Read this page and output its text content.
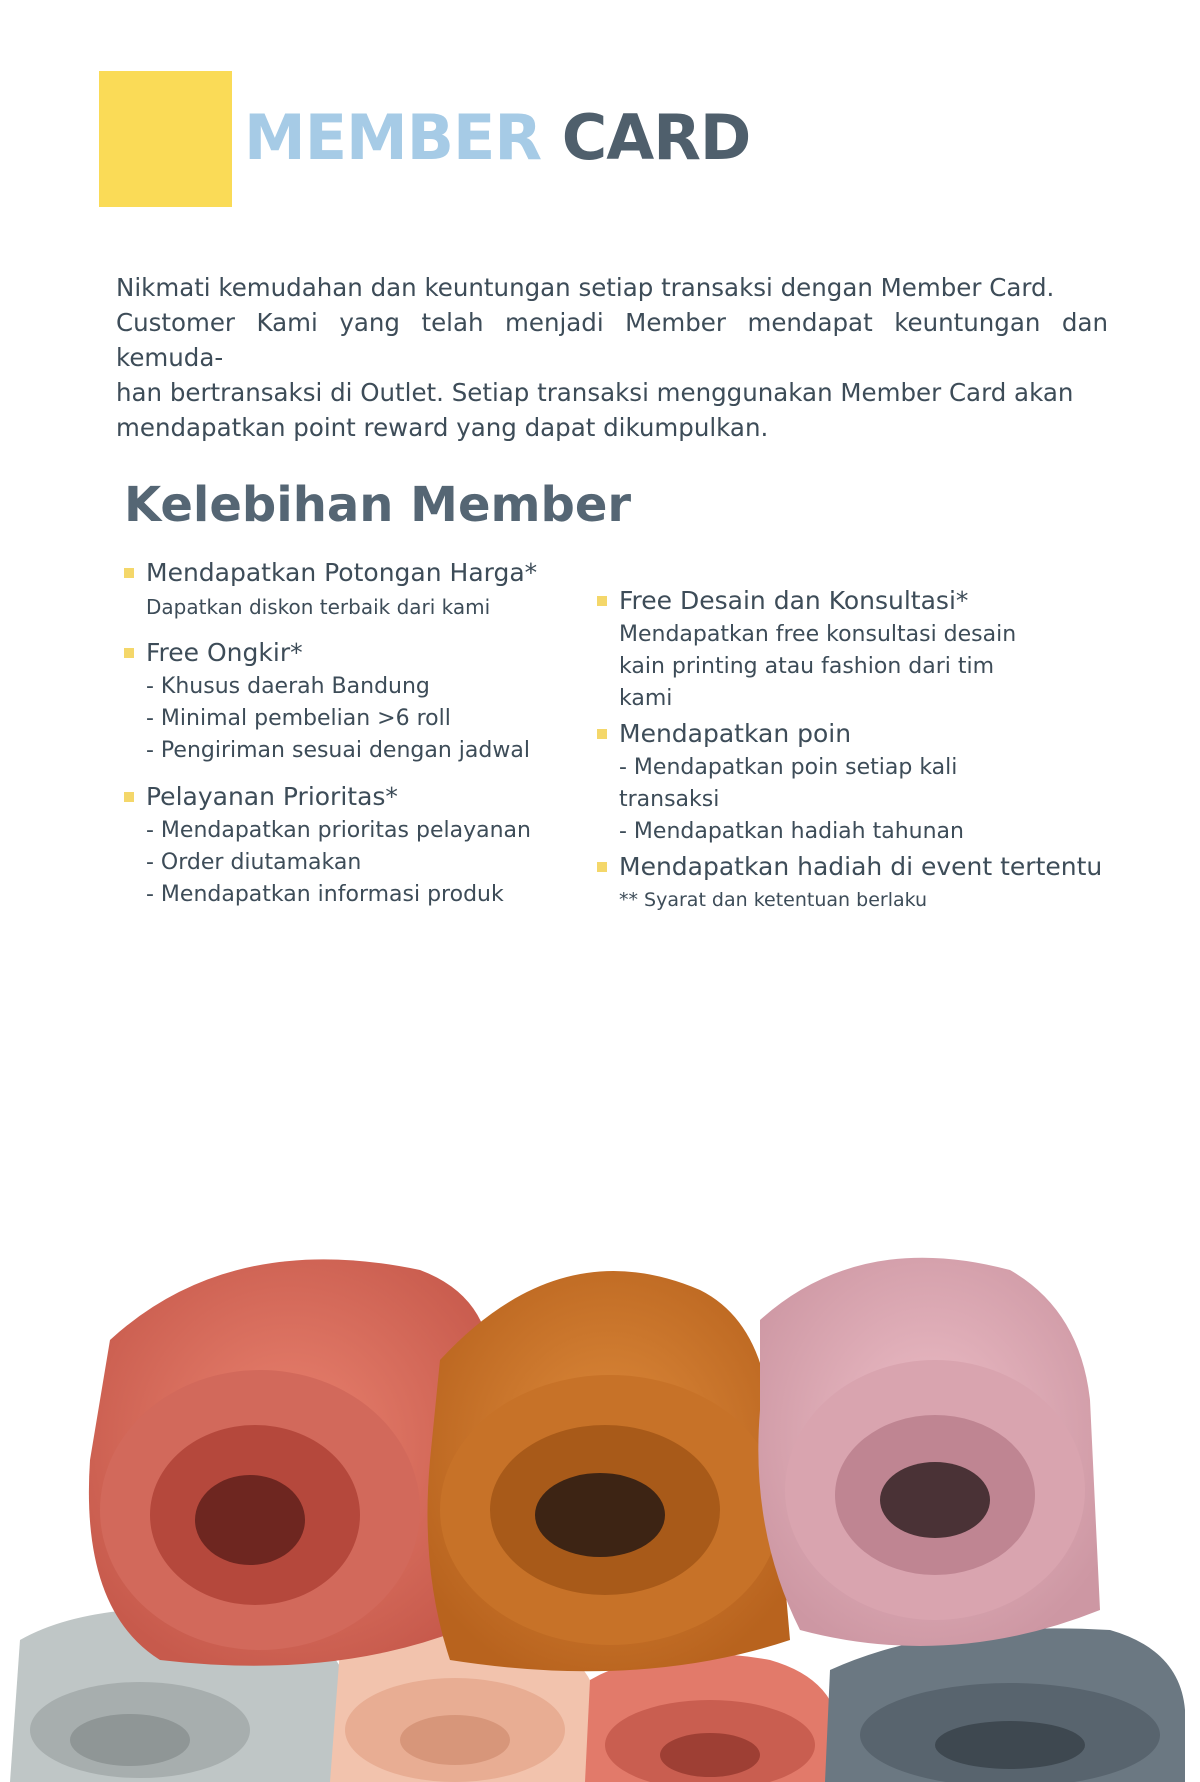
MEMBER CARD

Nikmati kemudahan dan keuntungan setiap transaksi dengan Member Card.
Customer Kami yang telah menjadi Member mendapat keuntungan dan kemuda-
han bertransaksi di Outlet. Setiap transaksi menggunakan Member Card akan
mendapatkan point reward yang dapat dikumpulkan.

Kelebihan Member
Mendapatkan Potongan Harga*
Dapatkan diskon terbaik dari kami
Free Ongkir*
- Khusus daerah Bandung
- Minimal pembelian >6 roll
- Pengiriman sesuai dengan jadwal
Pelayanan Prioritas*
- Mendapatkan prioritas pelayanan
- Order diutamakan
- Mendapatkan informasi produk
Free Desain dan Konsultasi*
Mendapatkan free konsultasi desain
kain printing atau fashion dari tim
kami
Mendapatkan poin
- Mendapatkan poin setiap kali
transaksi
- Mendapatkan hadiah tahunan
Mendapatkan hadiah di event tertentu
** Syarat dan ketentuan berlaku
